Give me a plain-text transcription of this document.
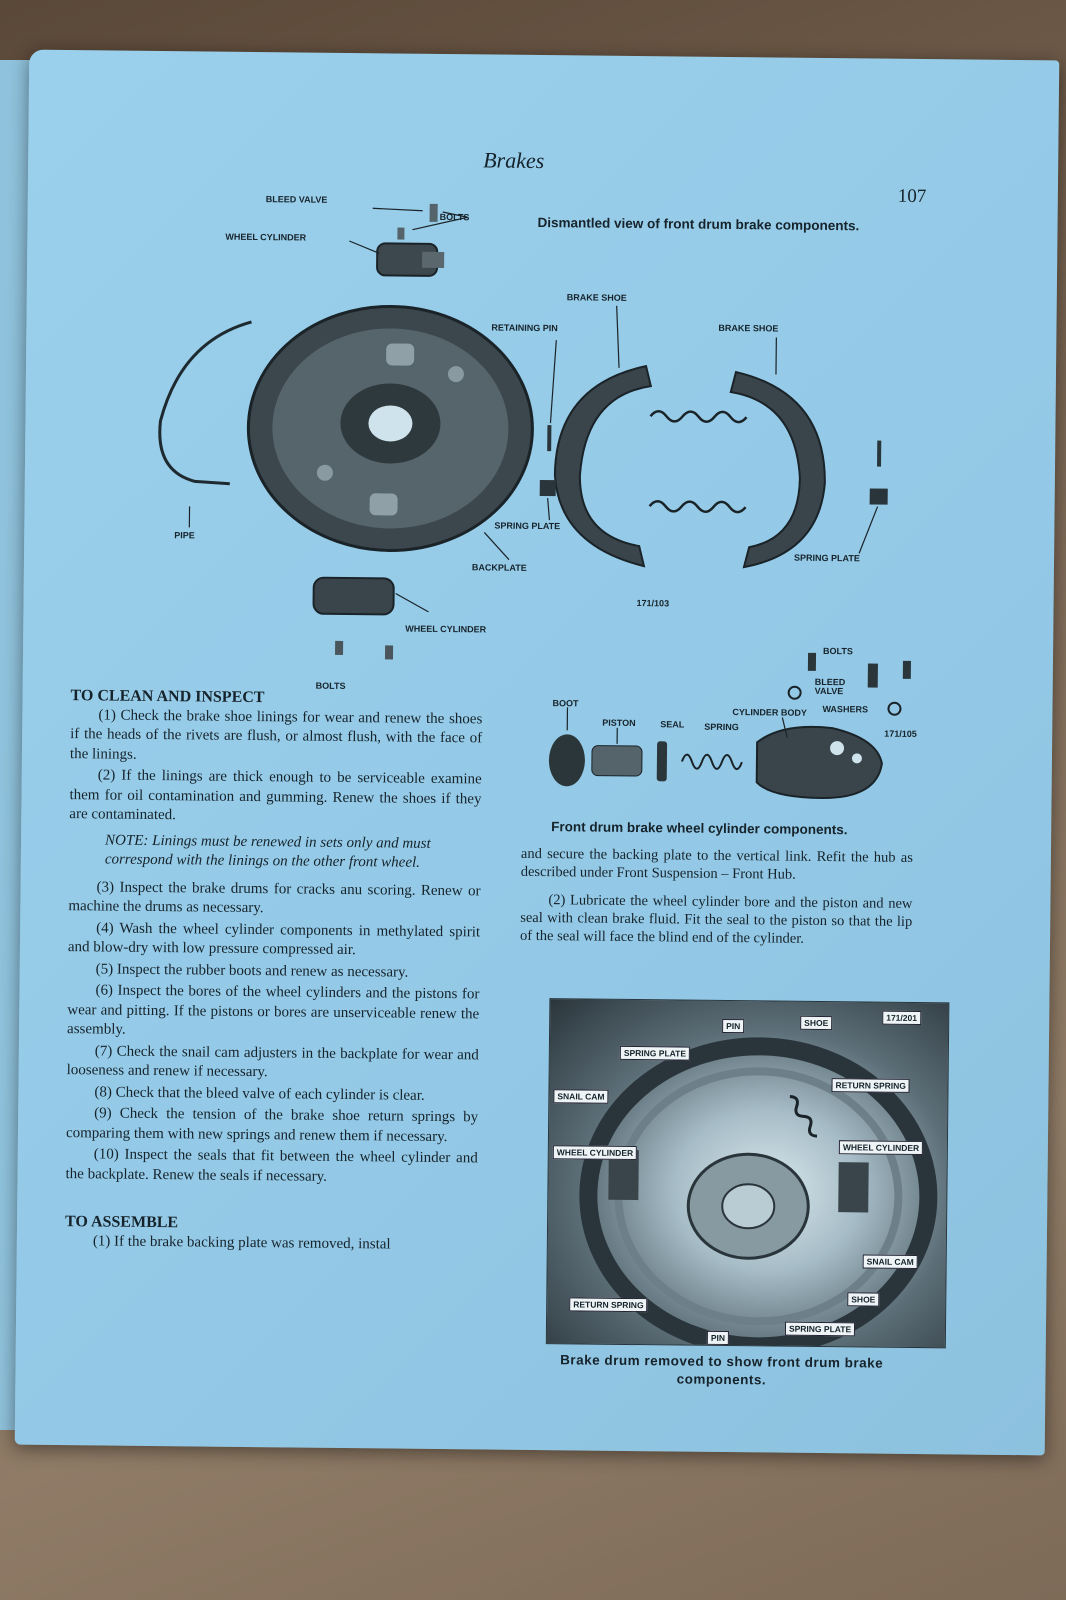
Brakes
107
BLEED VALVE
BOLTS
WHEEL CYLINDER
PIPE
BACKPLATE
WHEEL CYLINDER
BOLTS
RETAINING PIN
BRAKE SHOE
BRAKE SHOE
SPRING PLATE
SPRING PLATE
171/103
Dismantled view of front drum brake components.
BOLTS
BLEED VALVE
WASHERS
CYLINDER BODY
BOOT
PISTON	SEAL SPRING
171/105
Front drum brake wheel cylinder components.
TO CLEAN AND INSPECT

(1) Check the brake shoe linings for wear and renew the shoes if the heads of the rivets are flush, or almost flush, with the face of the linings.

(2) If the linings are thick enough to be serviceable examine them for oil contamination and gumming. Renew the shoes if they are contaminated.

NOTE: Linings must be renewed in sets only and must correspond with the linings on the other front wheel.

(3) Inspect the brake drums for cracks anu scoring. Renew or machine the drums as necessary.

(4) Wash the wheel cylinder components in methylated spirit and blow-dry with low pressure compressed air.

(5) Inspect the rubber boots and renew as necessary.

(6) Inspect the bores of the wheel cylinders and the pistons for wear and pitting. If the pistons or bores are unserviceable renew the assembly.

(7) Check the snail cam adjusters in the backplate for wear and looseness and renew if necessary.

(8) Check that the bleed valve of each cylinder is clear.

(9) Check the tension of the brake shoe return springs by comparing them with new springs and renew them if necessary.

(10) Inspect the seals that fit between the wheel cylinder and the backplate. Renew the seals if necessary.

TO ASSEMBLE

(1) If the brake backing plate was removed, instal

and secure the backing plate to the vertical link. Refit the hub as described under Front Suspension – Front Hub.

(2) Lubricate the wheel cylinder bore and the piston and new seal with clean brake fluid. Fit the seal to the piston so that the lip of the seal will face the blind end of the cylinder.

PIN	SHOE	171/201
SPRING PLATE
RETURN SPRING
SNAIL CAM
WHEEL CYLINDER	WHEEL CYLINDER
SNAIL CAM
SHOE
RETURN SPRING
SPRING PLATE
PIN
Brake drum removed to show front drum brake components.
